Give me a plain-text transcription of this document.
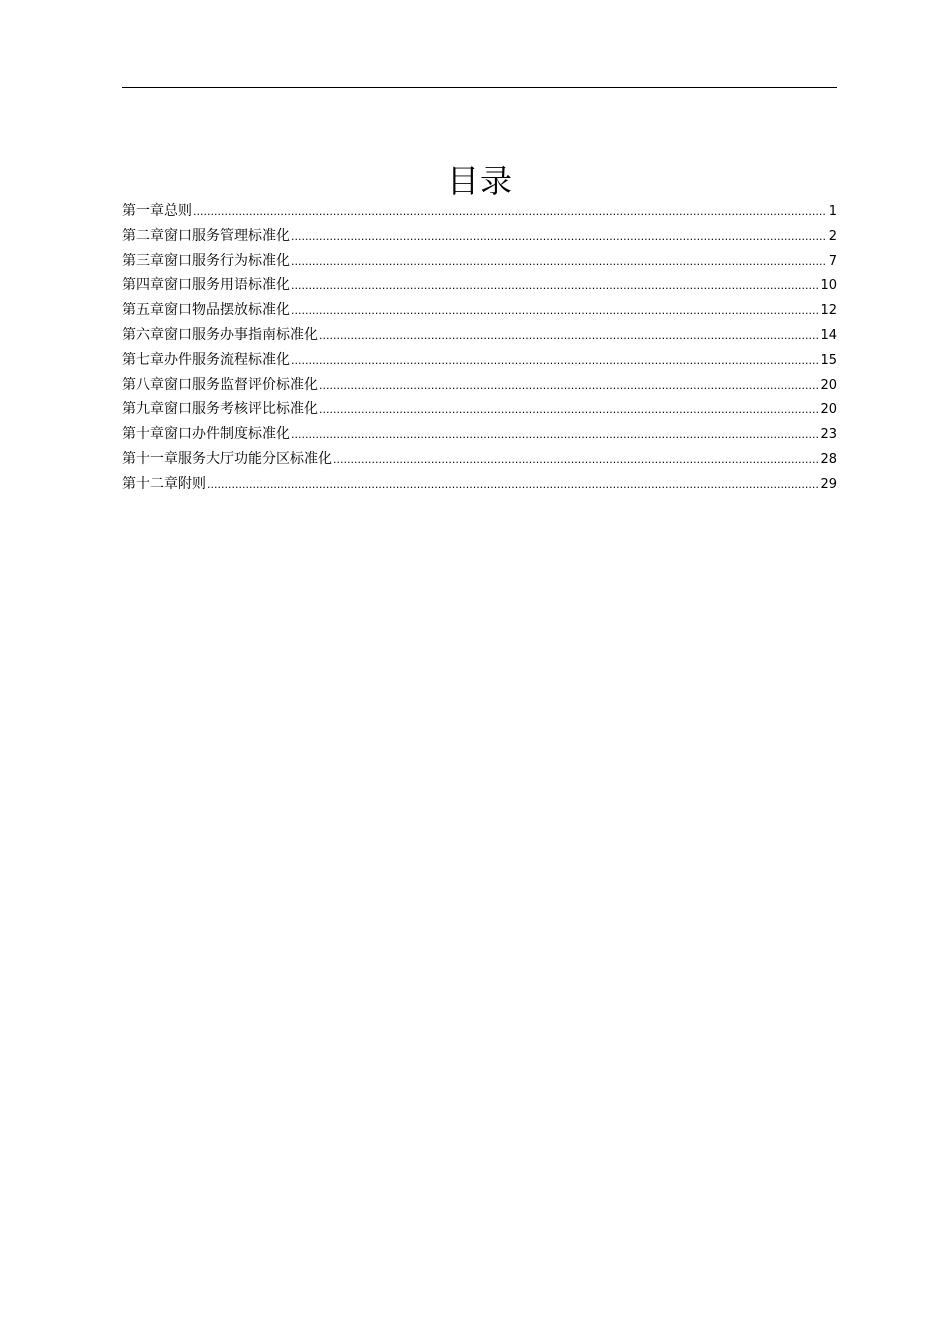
目录
第一章总则 .....	1
第二章窗口服务管理标准化 .....	2
第三章窗口服务行为标准化 .....	7
第四章窗口服务用语标准化 .....	10
第五章窗口物品摆放标准化 .....	12
第六章窗口服务办事指南标准化 .....	14
第七章办件服务流程标准化 .....	15
第八章窗口服务监督评价标准化 .....	20
第九章窗口服务考核评比标准化 .....	20
第十章窗口办件制度标准化 .....	23
第十一章服务大厅功能分区标准化 .....	28
第十二章附则 .....	29
